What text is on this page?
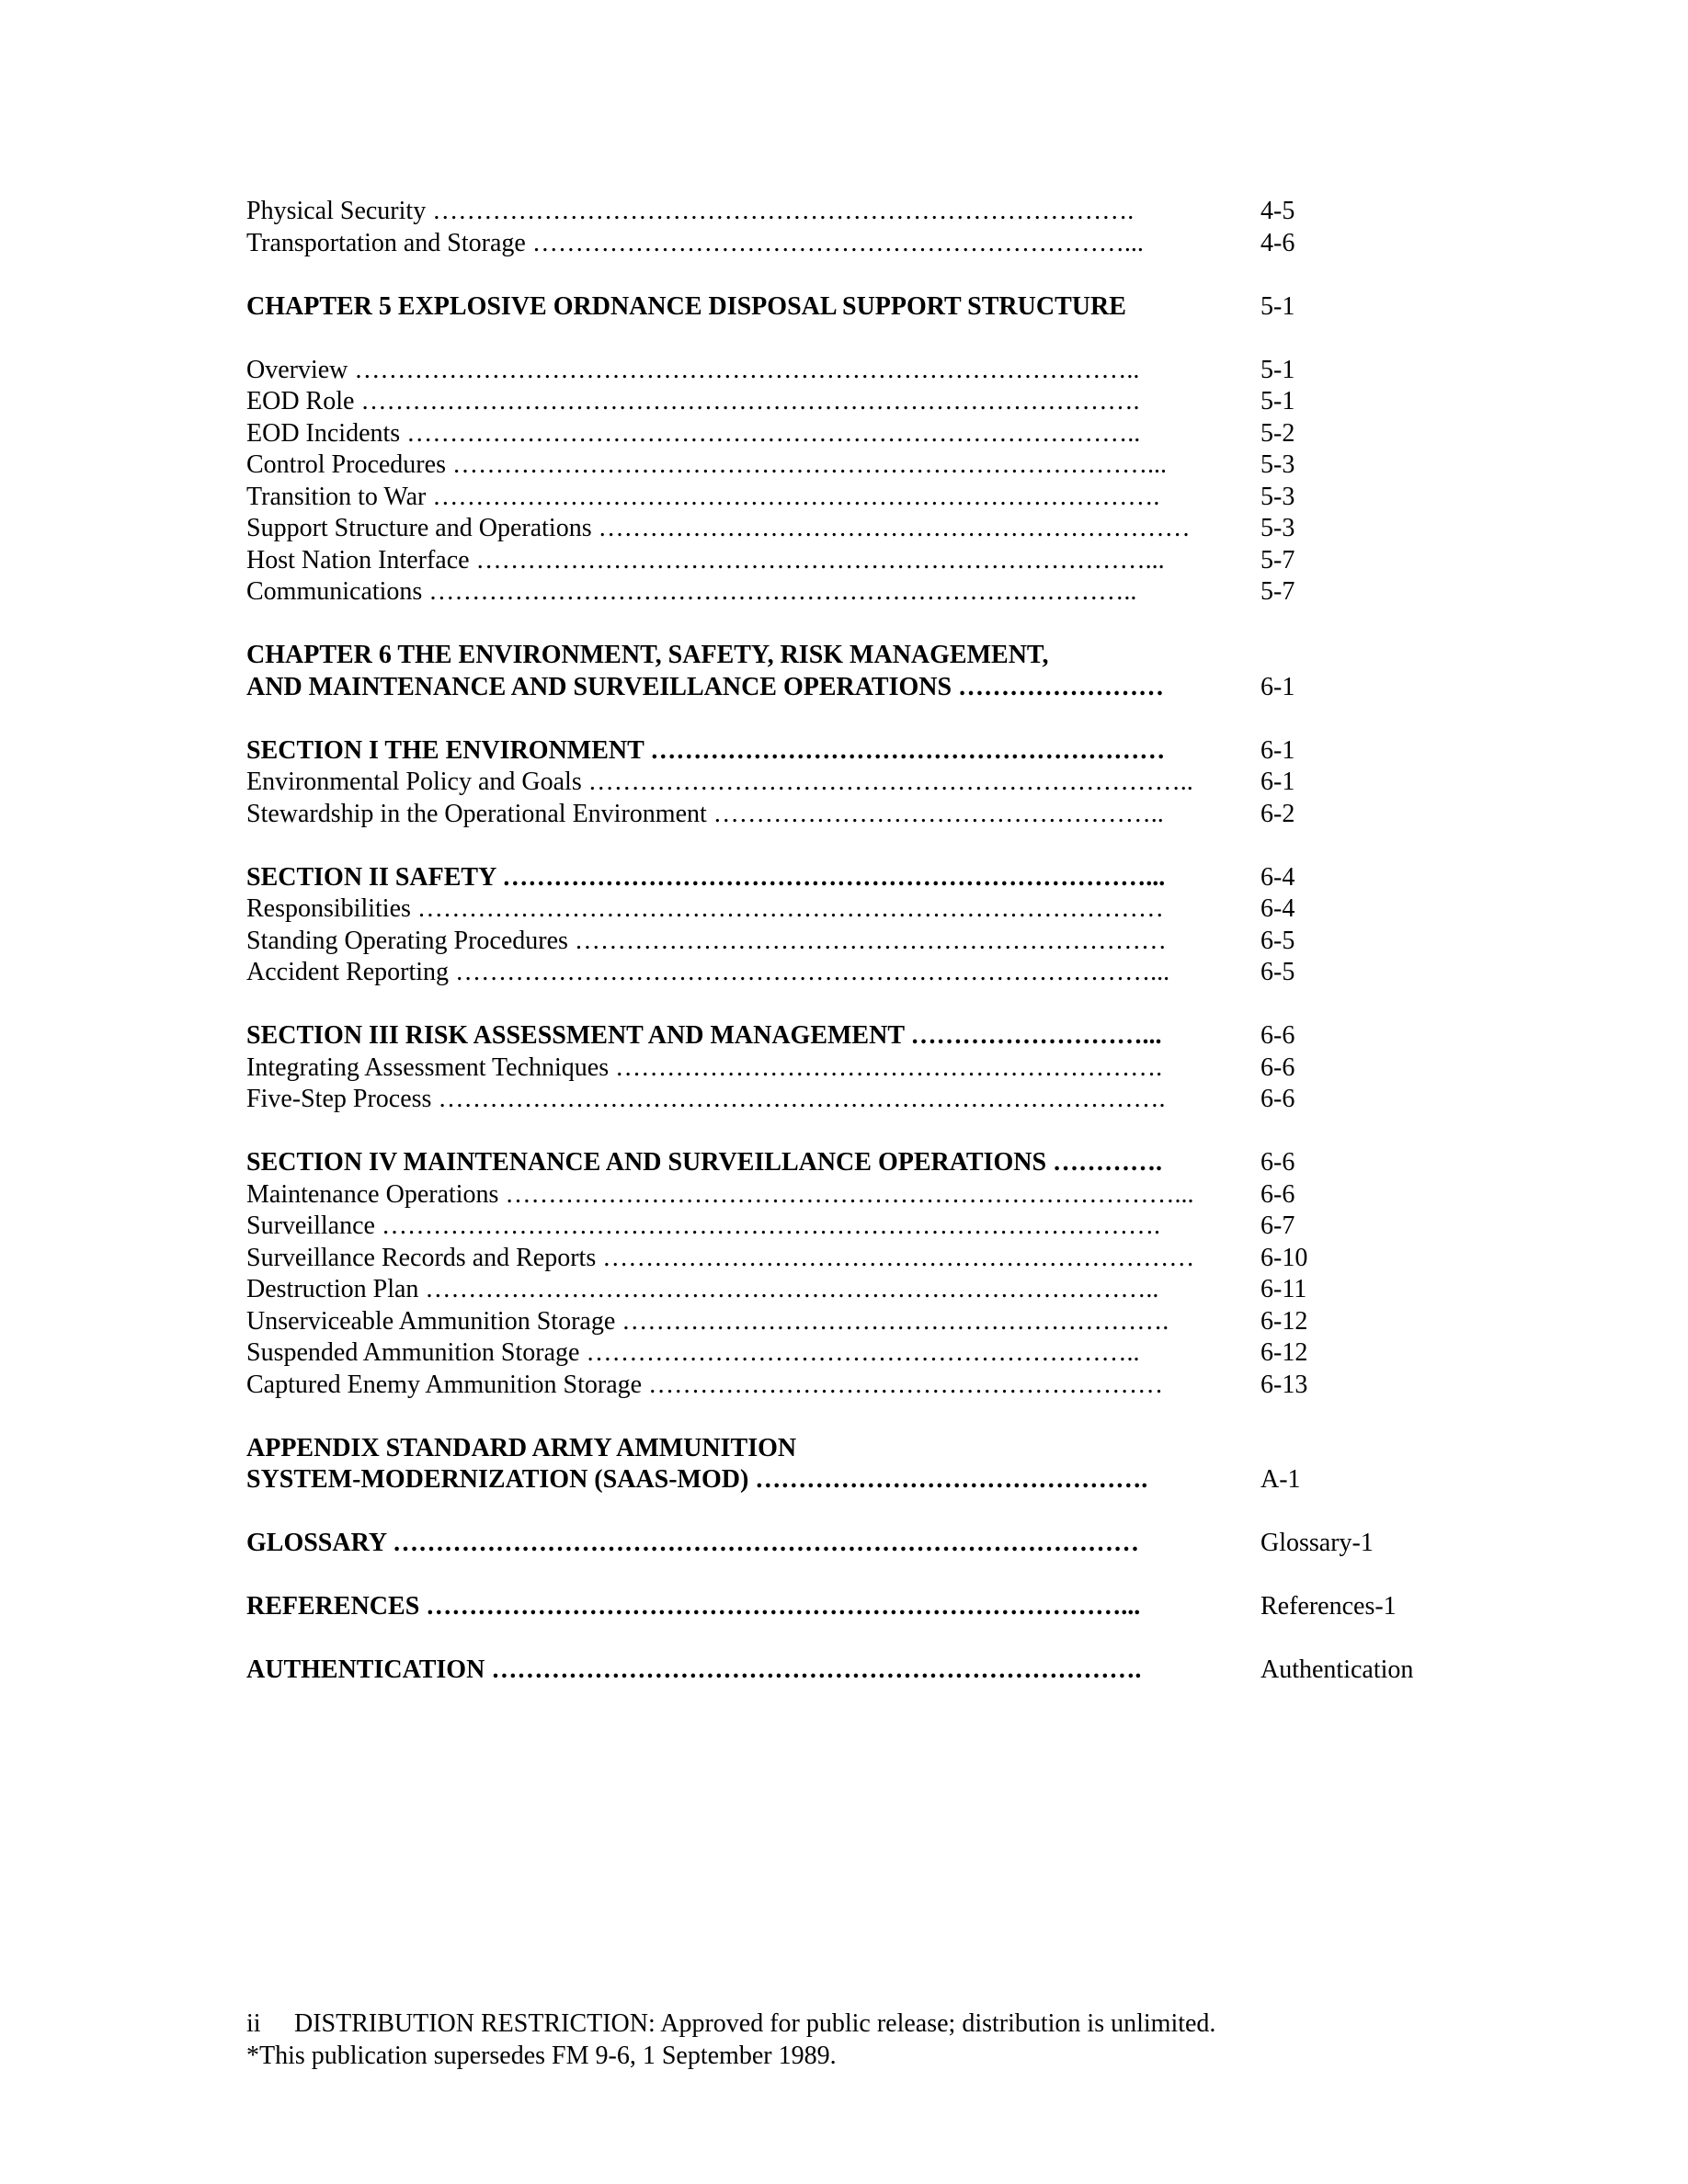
Physical Security ……………………………………………………………………….	4-5
Transportation and Storage ……………………………………………………………...	4-6
CHAPTER 5 EXPLOSIVE ORDNANCE DISPOSAL SUPPORT STRUCTURE	5-1
Overview ………………………………………………………………………………..	5-1
EOD Role ……………………………………………………………………………….	5-1
EOD Incidents …………………………………………………………………………..	5-2
Control Procedures ………………………………………………………………………...	5-3
Transition to War ………………………………………………………………………….	5-3
Support Structure and Operations ……………………………………………………………	5-3
Host Nation Interface ……………………………………………………………………...	5-7
Communications ………………………………………………………………………..	5-7
CHAPTER 6 THE ENVIRONMENT, SAFETY, RISK MANAGEMENT,
AND MAINTENANCE AND SURVEILLANCE OPERATIONS ……………………	6-1
SECTION I THE ENVIRONMENT ……………………………………………………	6-1
Environmental Policy and Goals ……………………………………………………………..	6-1
Stewardship in the Operational Environment ……………………………………………..	6-2
SECTION II SAFETY …………………………………………………………………...	6-4
Responsibilities ……………………………………………………………………………	6-4
Standing Operating Procedures ……………………………………………………………	6-5
Accident Reporting ………………………………………………………………………...	6-5
SECTION III RISK ASSESSMENT AND MANAGEMENT ………………………...	6-6
Integrating Assessment Techniques ……………………………………………………….	6-6
Five-Step Process ………………………………………………………………………….	6-6
SECTION IV MAINTENANCE AND SURVEILLANCE OPERATIONS ………….	6-6
Maintenance Operations ……………………………………………………………………...	6-6
Surveillance ……………………………………………………………………………….	6-7
Surveillance Records and Reports ……………………………………………………………	6-10
Destruction Plan …………………………………………………………………………..	6-11
Unserviceable Ammunition Storage ……………………………………………………….	6-12
Suspended Ammunition Storage ………………………………………………………..	6-12
Captured Enemy Ammunition Storage ……………………………………………………	6-13
APPENDIX STANDARD ARMY AMMUNITION
SYSTEM-MODERNIZATION (SAAS-MOD) ……………………………………….	A-1
GLOSSARY ……………………………………………………………………………	Glossary-1
REFERENCES ………………………………………………………………………...	References-1
AUTHENTICATION ………………………………………………………………….	Authentication
ii DISTRIBUTION RESTRICTION: Approved for public release; distribution is unlimited.
*This publication supersedes FM 9-6, 1 September 1989.
